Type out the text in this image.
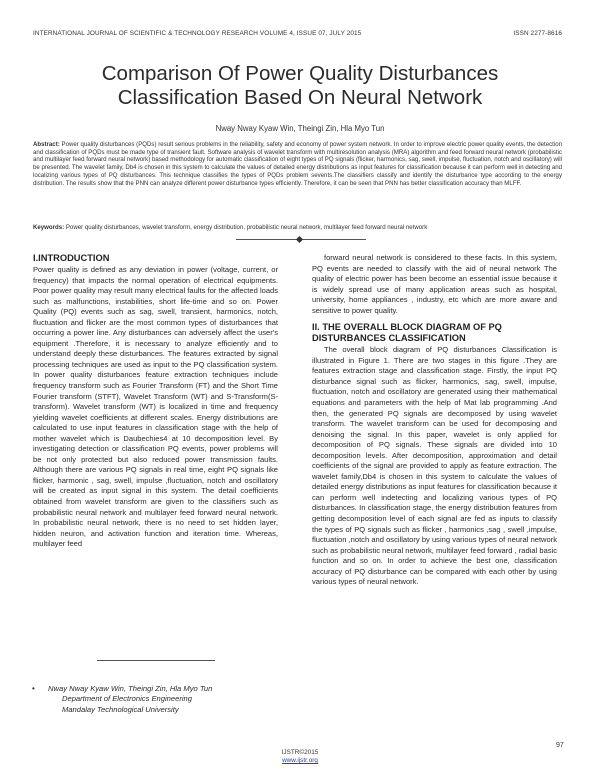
INTERNATIONAL JOURNAL OF SCIENTIFIC & TECHNOLOGY RESEARCH VOLUME 4, ISSUE 07, JULY 2015	ISSN 2277-8616
Comparison Of Power Quality Disturbances
Classification Based On Neural Network
Nway Nway Kyaw Win, Theingi Zin, Hla Myo Tun
Abstract: Power quality disturbances (PQDs) result serious problems in the reliability, safety and economy of power system network. In order to improve electric power quality events, the detection and classification of PQDs must be made type of transient fault. Software analysis of wavelet transform with multiresolution analysis (MRA) algorithm and feed forward neural network (probabilistic and multilayer feed forward neural network) based methodology for automatic classification of eight types of PQ signals (flicker, harmonics, sag, swell, impulse, fluctuation, notch and oscillatory) will be presented. The wavelet family, Db4 is chosen in this system to calculate the values of detailed energy distributions as input features for classification because it can perform well in detecting and localizing various types of PQ disturbances. This technique classifies the types of PQDs problem sevents.The classifiers classify and identify the disturbance type according to the energy distribution. The results show that the PNN can analyze different power disturbance types efficiently. Therefore, it can be seen that PNN has better classification accuracy than MLFF.
Keywords: Power quality disturbances, wavelet transform, energy distribution, probabilistic neural network, multilayer feed forward neural network
I.INTRODUCTION

Power quality is defined as any deviation in power (voltage, current, or frequency) that impacts the normal operation of electrical equipments. Poor power quality may result many electrical faults for the affected loads such as malfunctions, instabilities, short life-time and so on. Power Quality (PQ) events such as sag, swell, transient, harmonics, notch, fluctuation and flicker are the most common types of disturbances that occurring a power line. Any disturbances can adversely affect the user's equipment .Therefore, it is necessary to analyze efficiently and to understand deeply these disturbances. The features extracted by signal processing techniques are used as input to the PQ classification system. In power quality disturbances feature extraction techniques include frequency transform such as Fourier Transform (FT) and the Short Time Fourier transform (STFT), Wavelet Transform (WT) and S-Transform(S-transform). Wavelet transform (WT) is localized in time and frequency yielding wavelet coefficients at different scales. Energy distributions are calculated to use input features in classification stage with the help of mother wavelet which is Daubechies4 at 10 decomposition level. By investigating detection or classification PQ events, power problems will be not only protected but also reduced power transmission faults. Although there are various PQ signals in real time, eight PQ signals like flicker, harmonic , sag, swell, impulse ,fluctuation, notch and oscillatory will be created as input signal in this system. The detail coefficients obtained from wavelet transform are given to the classifiers such as probabilistic neural network and multilayer feed forward neural network. In probabilistic neural network, there is no need to set hidden layer, hidden neuron, and activation function and iteration time. Whereas, multilayer feed

forward neural network is considered to these facts. In this system, PQ events are needed to classify with the aid of neural network The quality of electric power has been become an essential issue because it is widely spread use of many application areas such as hospital, university, home appliances , industry, etc which are more aware and sensitive to power quality.

II. THE OVERALL BLOCK DIAGRAM OF PQ
DISTURBANCES CLASSIFICATION

The overall block diagram of PQ disturbances Classification is illustrated in Figure 1. There are two stages in this figure .They are features extraction stage and classification stage. Firstly, the input PQ disturbance signal such as flicker, harmonics, sag, swell, impulse, fluctuation, notch and oscillatory are generated using their mathematical equations and parameters with the help of Mat lab programming .And then, the generated PQ signals are decomposed by using wavelet transform. The wavelet transform can be used for decomposing and denoising the signal. In this paper, wavelet is only applied for decomposition of PQ signals. These signals are divided into 10 decomposition levels. After decomposition, approximation and detail coefficients of the signal are provided to apply as feature extraction. The wavelet family,Db4 is chosen in this system to calculate the values of detailed energy distributions as input features for classification because it can perform well indetecting and localizing various types of PQ disturbances. In classification stage, the energy distribution features from getting decomposition level of each signal are fed as inputs to classify the types of PQ signals such as flicker , harmonics ,sag , swell ,impulse, fluctuation ,notch and oscillatory by using various types of neural network such as probabilistic neural network, multilayer feed forward , radial basic function and so on. In order to achieve the best one, classification accuracy of PQ disturbance can be compared with each other by using various types of neural network.

• Nway Nway Kyaw Win, Theingi Zin, Hla Myo Tun
Department of Electronics Engineering
Mandalay Technological University
97
IJSTR©2015
www.ijstr.org
